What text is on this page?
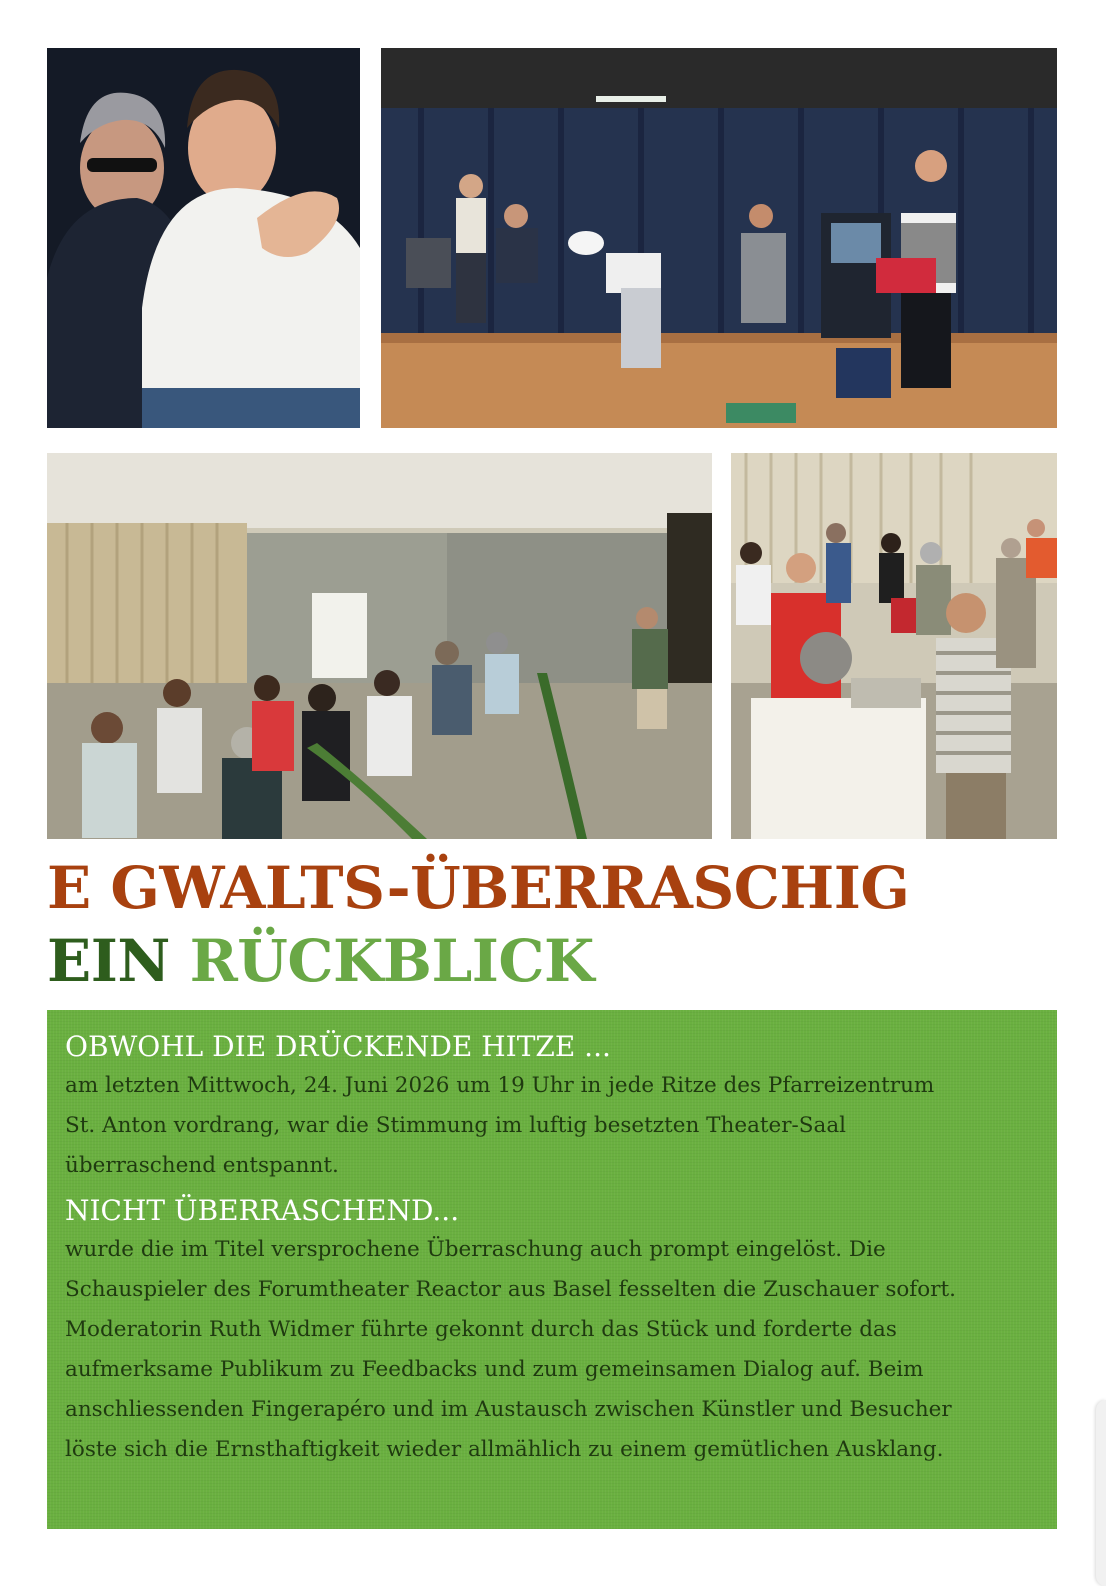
E GWALTS-ÜBERRASCHIG
EIN RÜCKBLICK
OBWOHL DIE DRÜCKENDE HITZE ...

am letzten Mittwoch, 24. Juni 2026 um 19 Uhr in jede Ritze des Pfarreizentrum
St. Anton vordrang, war die Stimmung im luftig besetzten Theater-Saal
überraschend entspannt.

NICHT ÜBERRASCHEND...

wurde die im Titel versprochene Überraschung auch prompt eingelöst. Die
Schauspieler des Forumtheater Reactor aus Basel fesselten die Zuschauer sofort.
Moderatorin Ruth Widmer führte gekonnt durch das Stück und forderte das
aufmerksame Publikum zu Feedbacks und zum gemeinsamen Dialog auf. Beim
anschliessenden Fingerapéro und im Austausch zwischen Künstler und Besucher
löste sich die Ernsthaftigkeit wieder allmählich zu einem gemütlichen Ausklang.
